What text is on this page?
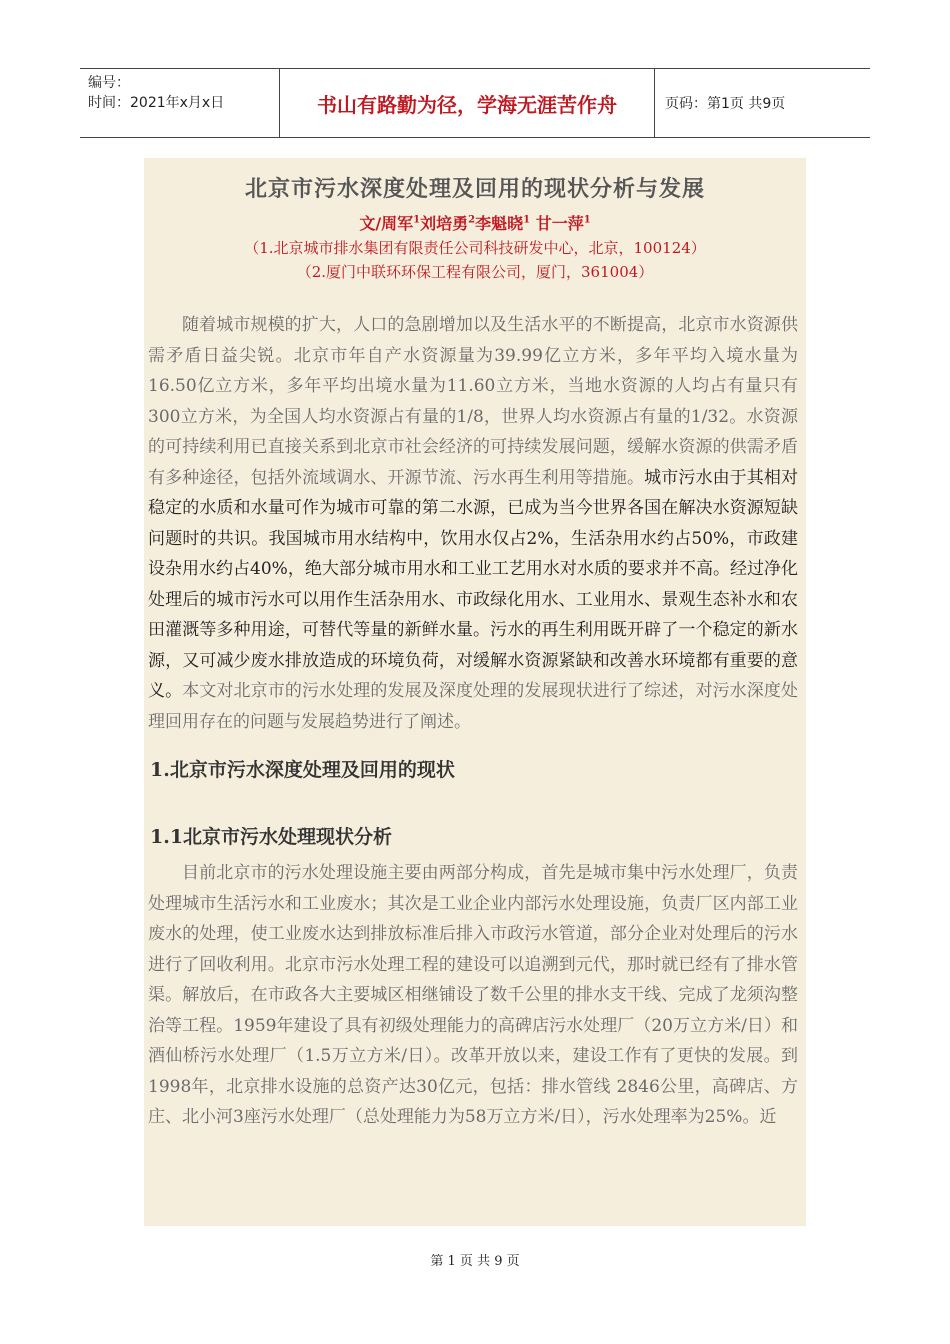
编号：
时间：2021年x月x日	书山有路勤为径，学海无涯苦作舟	页码：第1页 共9页
北京市污水深度处理及回用的现状分析与发展
文/周军$^1$刘培勇$^2$李魁晓$^1$ 甘一萍$^1$
（1.北京城市排水集团有限责任公司科技研发中心，北京，100124）
（2.厦门中联环环保工程有限公司，厦门，361004）

随着城市规模的扩大，人口的急剧增加以及生活水平的不断提高，北京市水资源供需矛盾日益尖锐。北京市年自产水资源量为39.99亿立方米，多年平均入境水量为16.50亿立方米，多年平均出境水量为11.60立方米，当地水资源的人均占有量只有300立方米，为全国人均水资源占有量的1/8，世界人均水资源占有量的1/32。水资源的可持续利用已直接关系到北京市社会经济的可持续发展问题，缓解水资源的供需矛盾有多种途径，包括外流域调水、开源节流、污水再生利用等措施。城市污水由于其相对稳定的水质和水量可作为城市可靠的第二水源，已成为当今世界各国在解决水资源短缺问题时的共识。我国城市用水结构中，饮用水仅占2%，生活杂用水约占50%，市政建设杂用水约占40%，绝大部分城市用水和工业工艺用水对水质的要求并不高。经过净化处理后的城市污水可以用作生活杂用水、市政绿化用水、工业用水、景观生态补水和农田灌溉等多种用途，可替代等量的新鲜水量。污水的再生利用既开辟了一个稳定的新水源，又可减少废水排放造成的环境负荷，对缓解水资源紧缺和改善水环境都有重要的意义。本文对北京市的污水处理的发展及深度处理的发展现状进行了综述，对污水深度处理回用存在的问题与发展趋势进行了阐述。

1.北京市污水深度处理及回用的现状
1.1北京市污水处理现状分析

目前北京市的污水处理设施主要由两部分构成，首先是城市集中污水处理厂，负责处理城市生活污水和工业废水；其次是工业企业内部污水处理设施，负责厂区内部工业废水的处理，使工业废水达到排放标准后排入市政污水管道，部分企业对处理后的污水进行了回收利用。北京市污水处理工程的建设可以追溯到元代，那时就已经有了排水管渠。解放后，在市政各大主要城区相继铺设了数千公里的排水支干线、完成了龙须沟整治等工程。1959年建设了具有初级处理能力的高碑店污水处理厂（20万立方米/日）和酒仙桥污水处理厂（1.5万立方米/日）。改革开放以来，建设工作有了更快的发展。到1998年，北京排水设施的总资产达30亿元，包括：排水管线 2846公里，高碑店、方庄、北小河3座污水处理厂（总处理能力为58万立方米/日），污水处理率为25%。近

第 1 页 共 9 页
